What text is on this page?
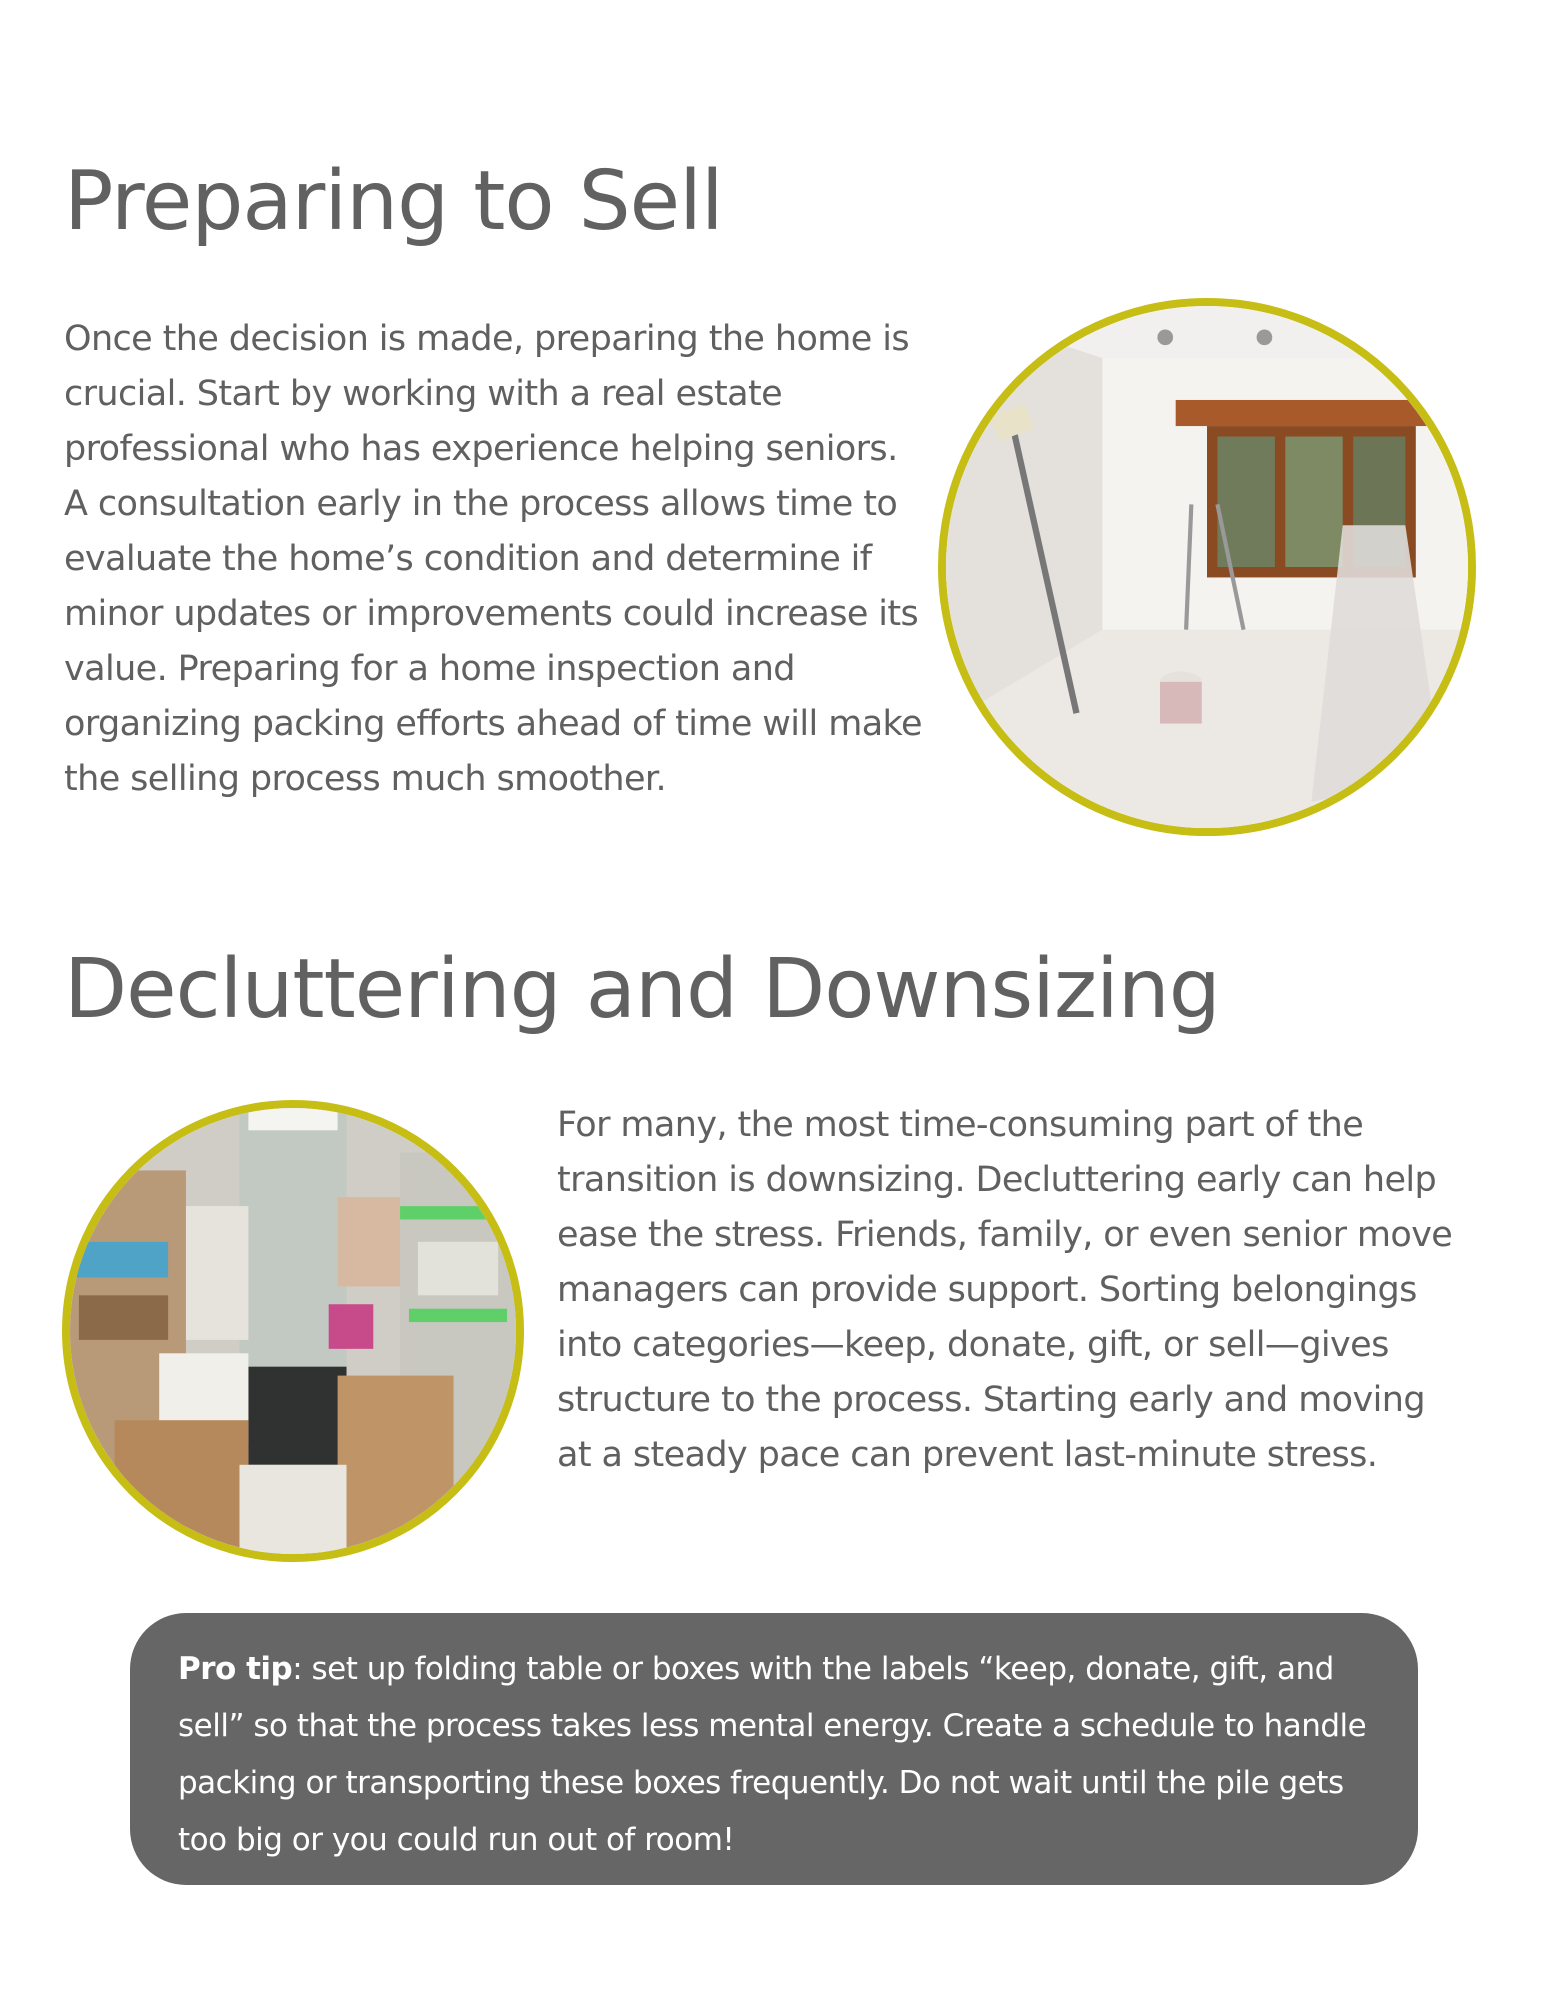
Preparing to Sell

Once the decision is made, preparing the home is crucial. Start by working with a real estate professional who has experience helping seniors. A consultation early in the process allows time to evaluate the home’s condition and determine if minor updates or improvements could increase its value. Preparing for a home inspection and organizing packing efforts ahead of time will make the selling process much smoother.

Decluttering and Downsizing

For many, the most time-consuming part of the transition is downsizing. Decluttering early can help ease the stress. Friends, family, or even senior move managers can provide support. Sorting belongings into categories—keep, donate, gift, or sell—gives structure to the process. Starting early and moving at a steady pace can prevent last-minute stress.

Pro tip: set up folding table or boxes with the labels “keep, donate, gift, and sell” so that the process takes less mental energy. Create a schedule to handle packing or transporting these boxes frequently. Do not wait until the pile gets too big or you could run out of room!
